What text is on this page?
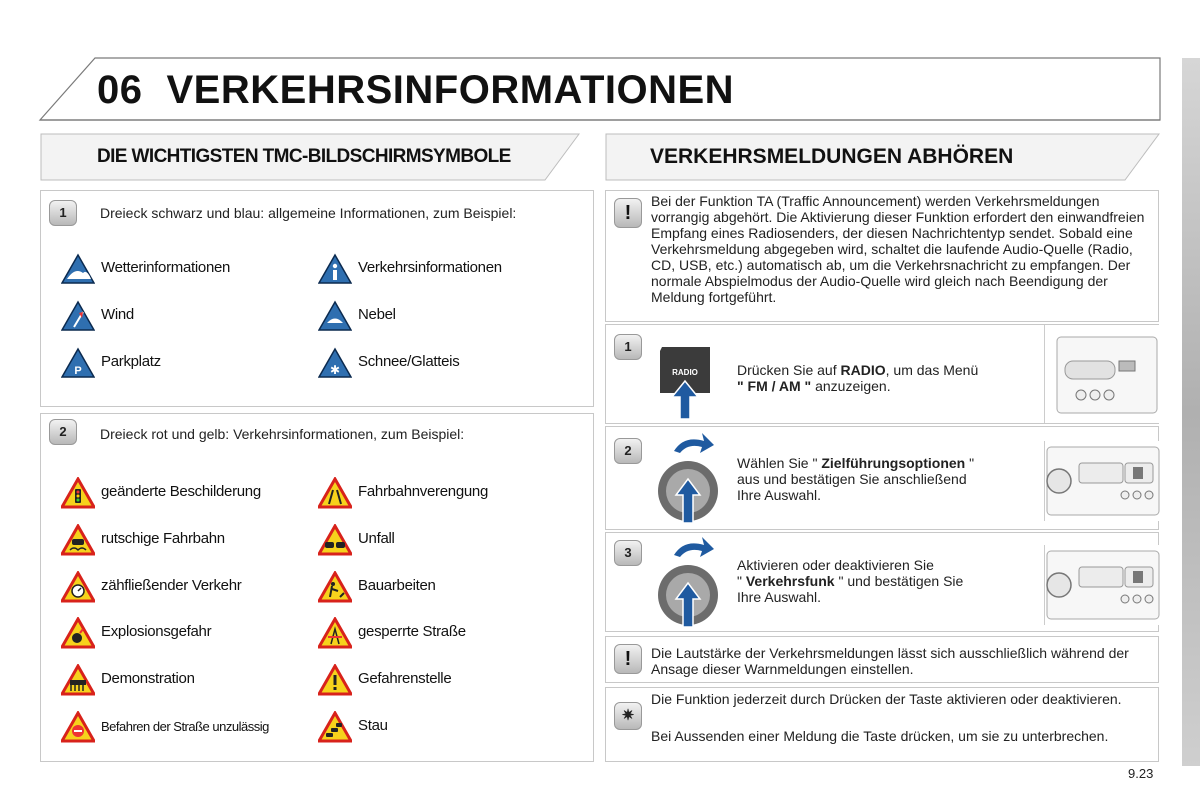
06 VERKEHRSINFORMATIONEN
DIE WICHTIGSTEN TMC-BILDSCHIRMSYMBOLE	VERKEHRSMELDUNGEN ABHÖREN
1	Dreieck schwarz und blau: allgemeine Informationen, zum Beispiel:
Wetterinformationen	Verkehrsinformationen
Wind	Nebel
P
Parkplatz	✱ Schnee/Glatteis
2	Dreieck rot und gelb: Verkehrsinformationen, zum Beispiel:
geänderte Beschilderung	Fahrbahnverengung
rutschige Fahrbahn	Unfall
zähfließender Verkehr	Bauarbeiten
Explosionsgefahr	gesperrte Straße
Demonstration	Gefahrenstelle
Befahren der Straße unzulässig	Stau
!
Bei der Funktion TA (Traffic Announcement) werden Verkehrsmeldungen vorrangig abgehört. Die Aktivierung dieser Funktion erfordert den einwandfreien Empfang eines Radiosenders, der diesen Nachrichtentyp sendet. Sobald eine Verkehrsmeldung abgegeben wird, schaltet die laufende Audio-Quelle (Radio, CD, USB, etc.) automatisch ab, um die Verkehrsnachricht zu empfangen. Der normale Abspielmodus der Audio-Quelle wird gleich nach Beendigung der Meldung fortgeführt.
1
RADIO	Drücken Sie auf RADIO, um das Menü
" FM / AM " anzuzeigen.
2
Wählen Sie " Zielführungsoptionen "
aus und bestätigen Sie anschließend
Ihre Auswahl.
3
Aktivieren oder deaktivieren Sie
" Verkehrsfunk " und bestätigen Sie
Ihre Auswahl.
!	Die Lautstärke der Verkehrsmeldungen lässt sich ausschließlich während der Ansage dieser Warnmeldungen einstellen.
✷
Die Funktion jederzeit durch Drücken der Taste aktivieren oder deaktivieren.
Bei Aussenden einer Meldung die Taste drücken, um sie zu unterbrechen.
9.23
